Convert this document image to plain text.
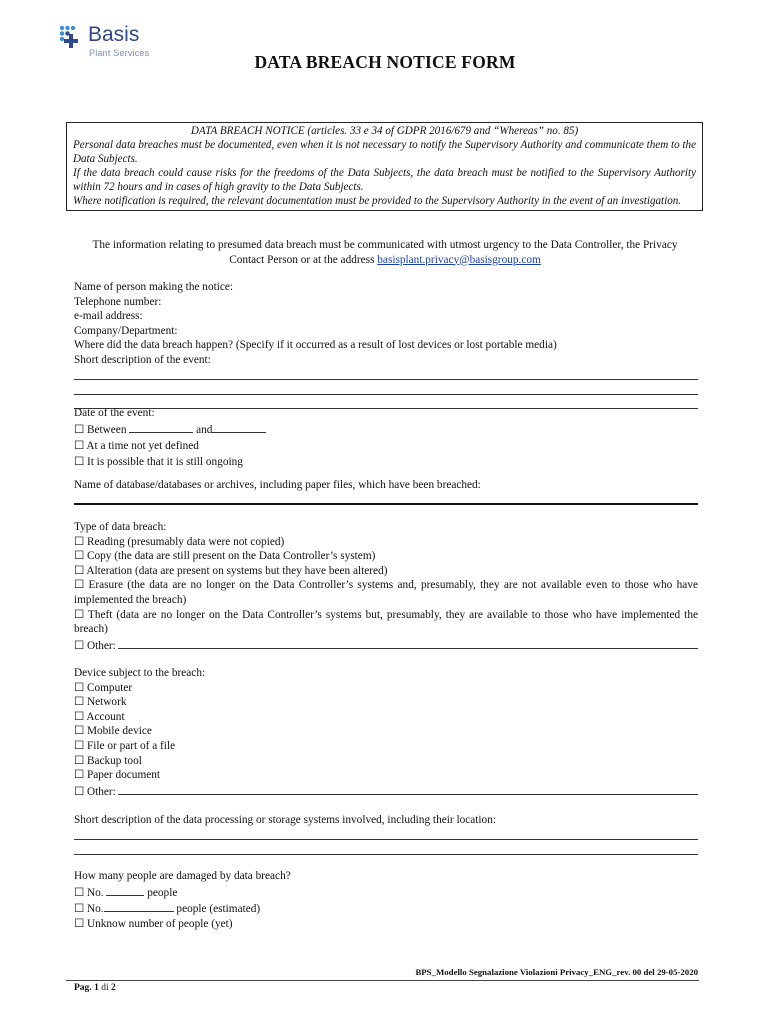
Basis
Plant Services	DATA BREACH NOTICE FORM
DATA BREACH NOTICE (articles. 33 e 34 of GDPR 2016/679 and “Whereas” no. 85)
Personal data breaches must be documented, even when it is not necessary to notify the Supervisory Authority and communicate them to the Data Subjects.
If the data breach could cause risks for the freedoms of the Data Subjects, the data breach must be notified to the Supervisory Authority within 72 hours and in cases of high gravity to the Data Subjects.
Where notification is required, the relevant documentation must be provided to the Supervisory Authority in the event of an investigation.
The information relating to presumed data breach must be communicated with utmost urgency to the Data Controller, the Privacy Contact Person or at the address basisplant.privacy@basisgroup.com
Name of person making the notice:
Telephone number:
e-mail address:
Company/Department:
Where did the data breach happen? (Specify if it occurred as a result of lost devices or lost portable media)
Short description of the event:
Date of the event:
☐ Between	and
☐ At a time not yet defined
☐ It is possible that it is still ongoing
Name of database/databases or archives, including paper files, which have been breached:
Type of data breach:
☐ Reading (presumably data were not copied)
☐ Copy (the data are still present on the Data Controller’s system)
☐ Alteration (data are present on systems but they have been altered)
☐ Erasure (the data are no longer on the Data Controller’s systems and, presumably, they are not available even to those who have implemented the breach)
☐ Theft (data are no longer on the Data Controller’s systems but, presumably, they are available to those who have implemented the breach)
☐ Other:
Device subject to the breach:
☐ Computer
☐ Network
☐ Account
☐ Mobile device
☐ File or part of a file
☐ Backup tool
☐ Paper document
☐ Other:
Short description of the data processing or storage systems involved, including their location:
How many people are damaged by data breach?
☐ No.	people
☐ No.	people (estimated)
☐ Unknow number of people (yet)
BPS_Modello Segnalazione Violazioni Privacy_ENG_rev. 00 del 29-05-2020
Pag. 1 di 2
